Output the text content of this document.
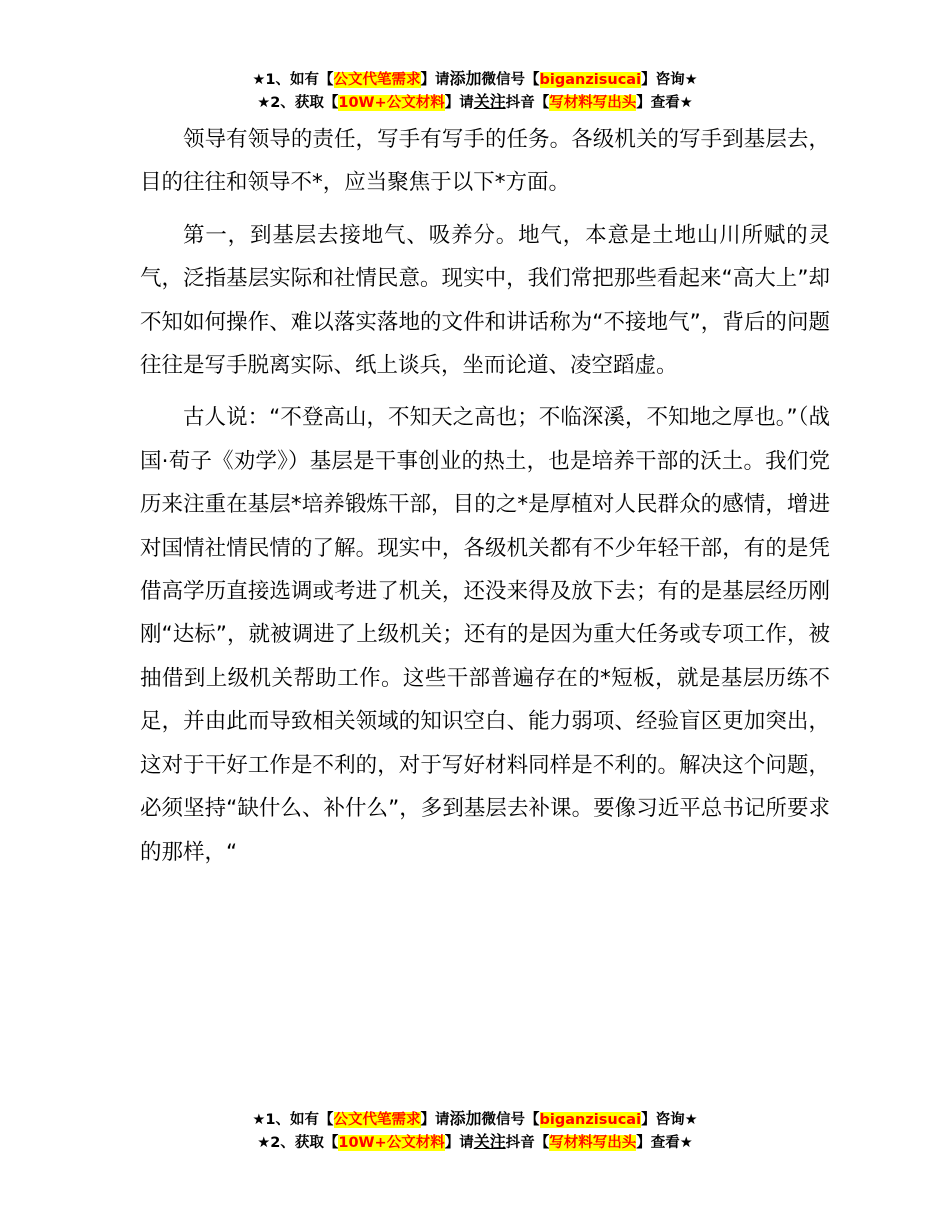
★1、如有【公文代笔需求】请添加微信号【biganzisucai】咨询★
★2、获取【10W+公文材料】请关注抖音【写材料写出头】查看★

领导有领导的责任，写手有写手的任务。各级机关的写手到基层去，目的往往和领导不*，应当聚焦于以下*方面。

第一，到基层去接地气、吸养分。地气，本意是土地山川所赋的灵气，泛指基层实际和社情民意。现实中，我们常把那些看起来“高大上”却不知如何操作、难以落实落地的文件和讲话称为“不接地气”，背后的问题往往是写手脱离实际、纸上谈兵，坐而论道、凌空蹈虚。

古人说：“不登高山，不知天之高也；不临深溪，不知地之厚也。”（战国·荀子《劝学》）基层是干事创业的热土，也是培养干部的沃土。我们党历来注重在基层*培养锻炼干部，目的之*是厚植对人民群众的感情，增进对国情社情民情的了解。现实中，各级机关都有不少年轻干部，有的是凭借高学历直接选调或考进了机关，还没来得及放下去；有的是基层经历刚刚“达标”，就被调进了上级机关；还有的是因为重大任务或专项工作，被抽借到上级机关帮助工作。这些干部普遍存在的*短板，就是基层历练不足，并由此而导致相关领域的知识空白、能力弱项、经验盲区更加突出，这对于干好工作是不利的，对于写好材料同样是不利的。解决这个问题，必须坚持“缺什么、补什么”，多到基层去补课。要像习近平总书记所要求的那样，“

★1、如有【公文代笔需求】请添加微信号【biganzisucai】咨询★
★2、获取【10W+公文材料】请关注抖音【写材料写出头】查看★
